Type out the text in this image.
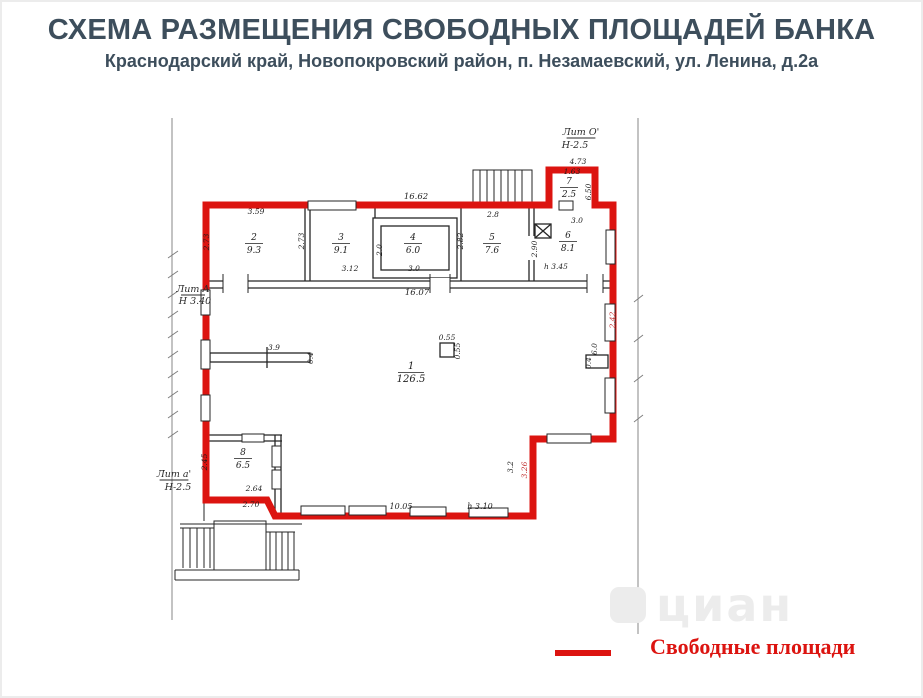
СХЕМА РАЗМЕЩЕНИЯ СВОБОДНЫХ ПЛОЩАДЕЙ БАНКА
Краснодарский край, Новопокровский район, п. Незамаевский, ул. Ленина, д.2а
1
126.5
2
9.3
3
9.1
4
6.0
5
7.6
6
8.1
7
2.5
8
6.5
16.62
4.73
1.63
6.50
3.59
2.73	2.73
3.12
2.0
3.0
2.8
2.82
3.0
2.90
h 3.45
16.07
3.9
0.4
0.55
0.55	6.0
0.4
2.42
3.2 3.26
10.05	h 3.10
2.45
2.64
2.70
Лит О'
Н-2.5
Лит А
Н 3.40
Лит а'
Н-2.5
циан
Свободные площади
